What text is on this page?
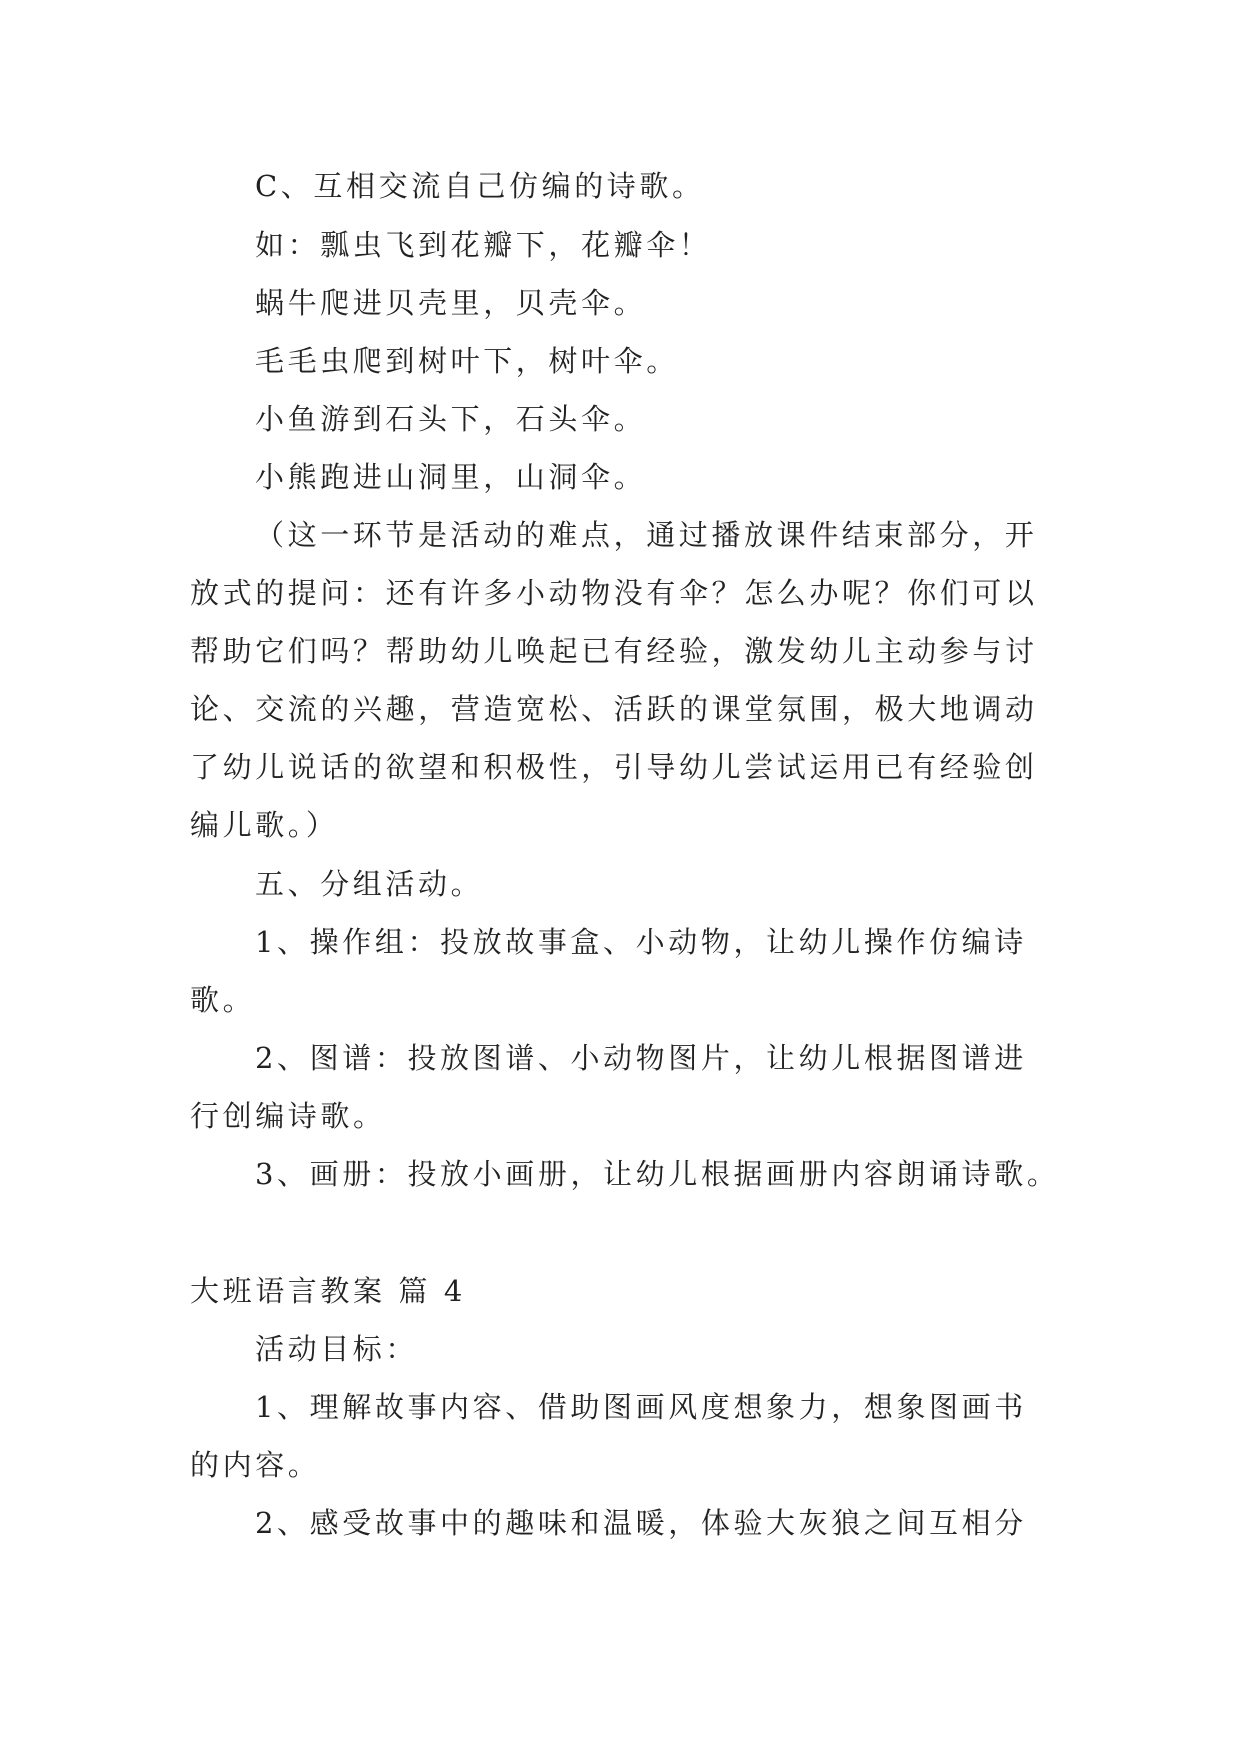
C、互相交流自己仿编的诗歌。
如：瓢虫飞到花瓣下，花瓣伞！
蜗牛爬进贝壳里，贝壳伞。
毛毛虫爬到树叶下，树叶伞。
小鱼游到石头下，石头伞。
小熊跑进山洞里，山洞伞。
（这一环节是活动的难点，通过播放课件结束部分，开
放式的提问：还有许多小动物没有伞？怎么办呢？你们可以
帮助它们吗？帮助幼儿唤起已有经验，激发幼儿主动参与讨
论、交流的兴趣，营造宽松、活跃的课堂氛围，极大地调动
了幼儿说话的欲望和积极性，引导幼儿尝试运用已有经验创
编儿歌。）
五、分组活动。
1、操作组：投放故事盒、小动物，让幼儿操作仿编诗
歌。
2、图谱：投放图谱、小动物图片，让幼儿根据图谱进
行创编诗歌。
3、画册：投放小画册，让幼儿根据画册内容朗诵诗歌。
大班语言教案 篇 4
活动目标：
1、理解故事内容、借助图画风度想象力，想象图画书
的内容。
2、感受故事中的趣味和温暖，体验大灰狼之间互相分
